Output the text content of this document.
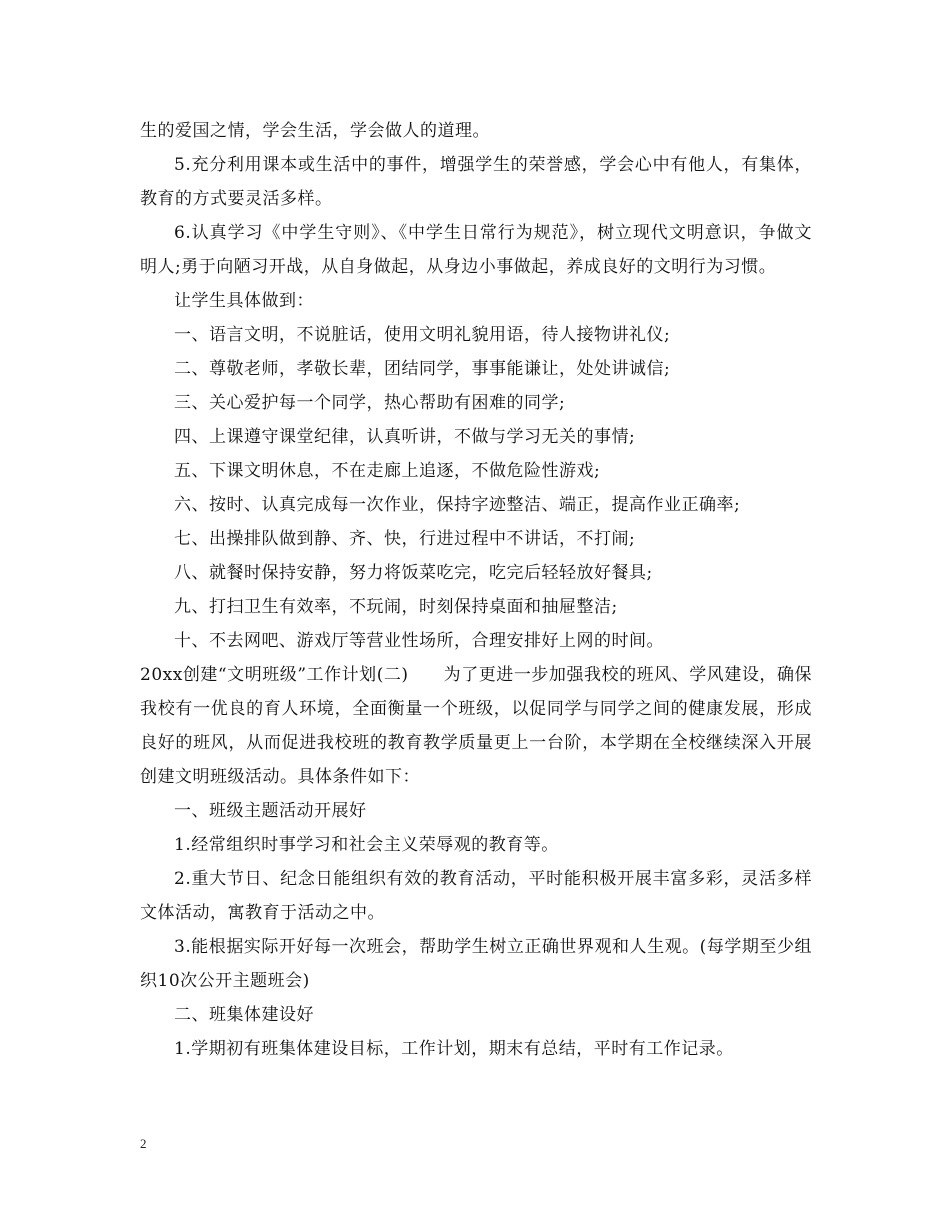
生的爱国之情，学会生活，学会做人的道理。

5.充分利用课本或生活中的事件，增强学生的荣誉感，学会心中有他人，有集体，教育的方式要灵活多样。

6.认真学习《中学生守则》、《中学生日常行为规范》，树立现代文明意识，争做文明人;勇于向陋习开战，从自身做起，从身边小事做起，养成良好的文明行为习惯。

让学生具体做到：

一、语言文明，不说脏话，使用文明礼貌用语，待人接物讲礼仪;

二、尊敬老师，孝敬长辈，团结同学，事事能谦让，处处讲诚信;

三、关心爱护每一个同学，热心帮助有困难的同学;

四、上课遵守课堂纪律，认真听讲，不做与学习无关的事情;

五、下课文明休息，不在走廊上追逐，不做危险性游戏;

六、按时、认真完成每一次作业，保持字迹整洁、端正，提高作业正确率;

七、出操排队做到静、齐、快，行进过程中不讲话，不打闹;

八、就餐时保持安静，努力将饭菜吃完，吃完后轻轻放好餐具;

九、打扫卫生有效率，不玩闹，时刻保持桌面和抽屉整洁;

十、不去网吧、游戏厅等营业性场所，合理安排好上网的时间。

20xx创建“文明班级”工作计划(二)　　为了更进一步加强我校的班风、学风建设，确保我校有一优良的育人环境，全面衡量一个班级，以促同学与同学之间的健康发展，形成良好的班风，从而促进我校班的教育教学质量更上一台阶，本学期在全校继续深入开展创建文明班级活动。具体条件如下：

一、班级主题活动开展好

1.经常组织时事学习和社会主义荣辱观的教育等。

2.重大节日、纪念日能组织有效的教育活动，平时能积极开展丰富多彩，灵活多样文体活动，寓教育于活动之中。

3.能根据实际开好每一次班会，帮助学生树立正确世界观和人生观。(每学期至少组织10次公开主题班会)

二、班集体建设好

1.学期初有班集体建设目标，工作计划，期末有总结，平时有工作记录。

2
